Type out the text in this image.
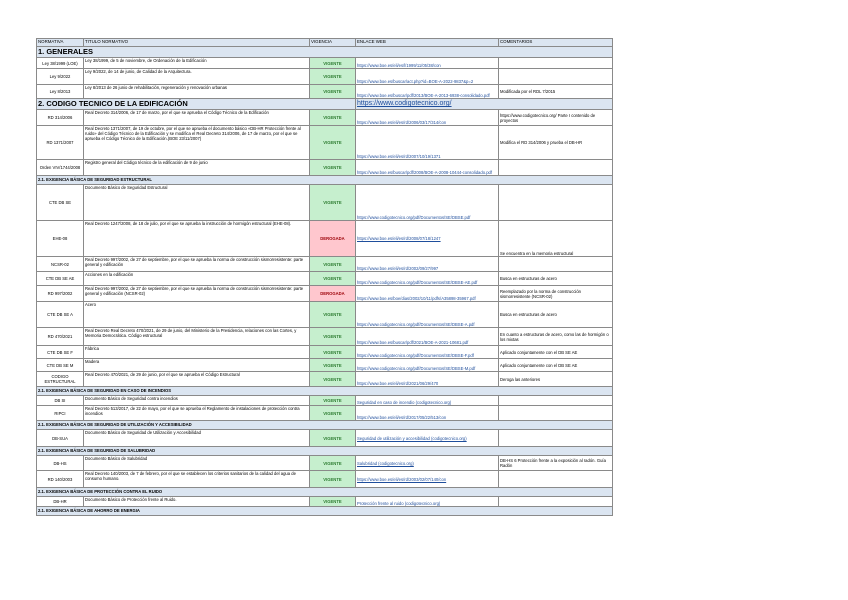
NORMATIVA	TITULO NORMATIVO	VIGENCIA	ENLACE WEB	COMENTARIOS
1. GENERALES				
Ley 38/1999 (LOE)	Ley 38/1999, de 5 de noviembre, de Ordenación de la Edificación	VIGENTE	https://www.boe.es/eli/es/l/1999/11/05/38/con	
Ley 9/2022	Ley 9/2022, de 14 de junio, de Calidad de la Arquitectura.	VIGENTE	https://www.boe.es/buscar/act.php?id=BOE-A-2022-9837&p=2	
Ley 8/2013	Ley 8/2013 de 26 junio de rehabilitación, regeneración y renovación urbanas	VIGENTE	https://www.boe.es/buscar/pdf/2013/BOE-A-2013-6938-consolidado.pdf	Modificada por el RDL 7/2015
2. CODIGO TECNICO DE LA EDIFICACIÓN			https://www.codigotecnico.org/	
RD 314/2006	Real Decreto 314/2006, de 17 de marzo, por el que se aprueba el Código Técnico de la Edificación	VIGENTE	https://www.boe.es/eli/es/rd/2006/03/17/314/con	https://www.codigotecnico.org/ Parte I contenido de proyectos
RD 1371/2007	Real Decreto 1371/2007, de 19 de octubre, por el que se aprueba el documento básico «DB-HR Protección frente al ruido» del Código Técnico de la Edificación y se modifica el Real Decreto 314/2006, de 17 de marzo, por el que se aprueba el Código Técnico de la Edificación.(BOE 23/11/2007)	VIGENTE	https://www.boe.es/eli/es/rd/2007/10/19/1371	Modifica el RD 314/2006 y prueba el DB-HR
Orden VIV/1744/2008	Registro general del Código técnico de la edificación de 9 de junio	VIGENTE	https://www.boe.es/buscar/pdf/2008/BOE-A-2008-10444-consolidado.pdf	
2.1. EXIGENCIA BÁSICA DE SEGURIDAD ESTRUCTURAL				
CTE DB SE	Documento Básico de Seguridad Estructural	VIGENTE	https://www.codigotecnico.org/pdf/Documentos/SE/DBSE.pdf	
EHE-08	Real Decreto 1247/2008, de 18 de julio, por el que se aprueba la instrucción de hormigón estructural (EHE-08).	DEROGADA	https://www.boe.es/eli/es/rd/2008/07/18/1247	Se encuentra en la memoria estructural
NCSR-02	Real Decreto 997/2002, de 27 de septiembre, por el que se aprueba la norma de construcción sismorresistente: parte general y edificación	VIGENTE	https://www.boe.es/eli/es/rd/2002/09/27/997	
CTE DB SE AE	Acciones en la edificación	VIGENTE	https://www.codigotecnico.org/pdf/Documentos/SE/DBSE-AE.pdf	Busca en estructuras de acero
RD 997/2002	Real Decreto 997/2002, de 27 de septiembre, por el que se aprueba la norma de construcción sismorresistente: parte general y edificación (NCSR-02)	DEROGADA	https://www.boe.es/boe/dias/2002/10/11/pdfs/A35898-35967.pdf	Reemplazado por la norma de construcción sismorresistente (NCSR-02)
CTE DB SE A	Acero	VIGENTE	https://www.codigotecnico.org/pdf/Documentos/SE/DBSE-A.pdf	Busca en estructuras de acero
RD 470/2021	Real Decreto Real Decreto 470/2021, de 29 de junio, del Ministerio de la Presidencia, relaciones con las Cortes, y Memoria Democrática. Código estructural	VIGENTE	https://www.boe.es/buscar/pdf/2021/BOE-A-2021-10681.pdf	En cuanto a estructuras de acero, como las de hormigón o los mixtas
CTE DB SE F	Fábrica	VIGENTE	https://www.codigotecnico.org/pdf/Documentos/SE/DBSE-F.pdf	Aplicado conjuntamente con el DB SE AE
CTE DB SE M	Madera	VIGENTE	https://www.codigotecnico.org/pdf/Documentos/SE/DBSE-M.pdf	Aplicado conjuntamente con el DB SE AE
CODIGO ESTRUCTURAL	Real Decreto 470/2021, de 29 de junio, por el que se aprueba el Código Estructural	VIGENTE	https://www.boe.es/eli/es/rd/2021/06/29/470	Deroga las anteriores
2.1. EXIGENCIA BÁSICA DE SEGURIDAD EN CASO DE INCENDIOS				
DB SI	Documento Básico de Seguridad contra incendios	VIGENTE	Seguridad en caso de incendio (codigotecnico.org)	
RIPCI	Real Decreto 513/2017, de 22 de mayo, por el que se aprueba el Reglamento de instalaciones de protección contra incendios	VIGENTE	https://www.boe.es/eli/es/rd/2017/05/22/513/con	
2.1. EXIGENCIA BÁSICA DE SEGURIDAD DE UTILIZACIÓN Y ACCESIBILIDAD				
DB-SUA	Documento Básico de Seguridad de Utilización y Accesibilidad	VIGENTE	Seguridad de utilización y accesibilidad (codigotecnico.org)	
2.1. EXIGENCIA BÁSICA DE SEGURIDAD DE SALUBRIDAD				
DB-HS	Documento Básico de Salubridad	VIGENTE	Salubridad (codigotecnico.org)	DB-HS 6 Protección frente a la exposición al radón. Guía Radón
RD 140/2003	Real Decreto 140/2003, de 7 de febrero, por el que se establecen los criterios sanitarios de la calidad del agua de consumo humano.	VIGENTE	https://www.boe.es/eli/es/rd/2003/02/07/140/con	
2.1. EXIGENCIA BÁSICA DE PROTECCIÓN CONTRA EL RUIDO				
DB-HR	Documento Básico de Protección frente al Ruido.	VIGENTE	Protección frente al ruido (codigotecnico.org)	
2.1. EXIGENCIA BÁSICA DE AHORRO DE ENERGIA				
